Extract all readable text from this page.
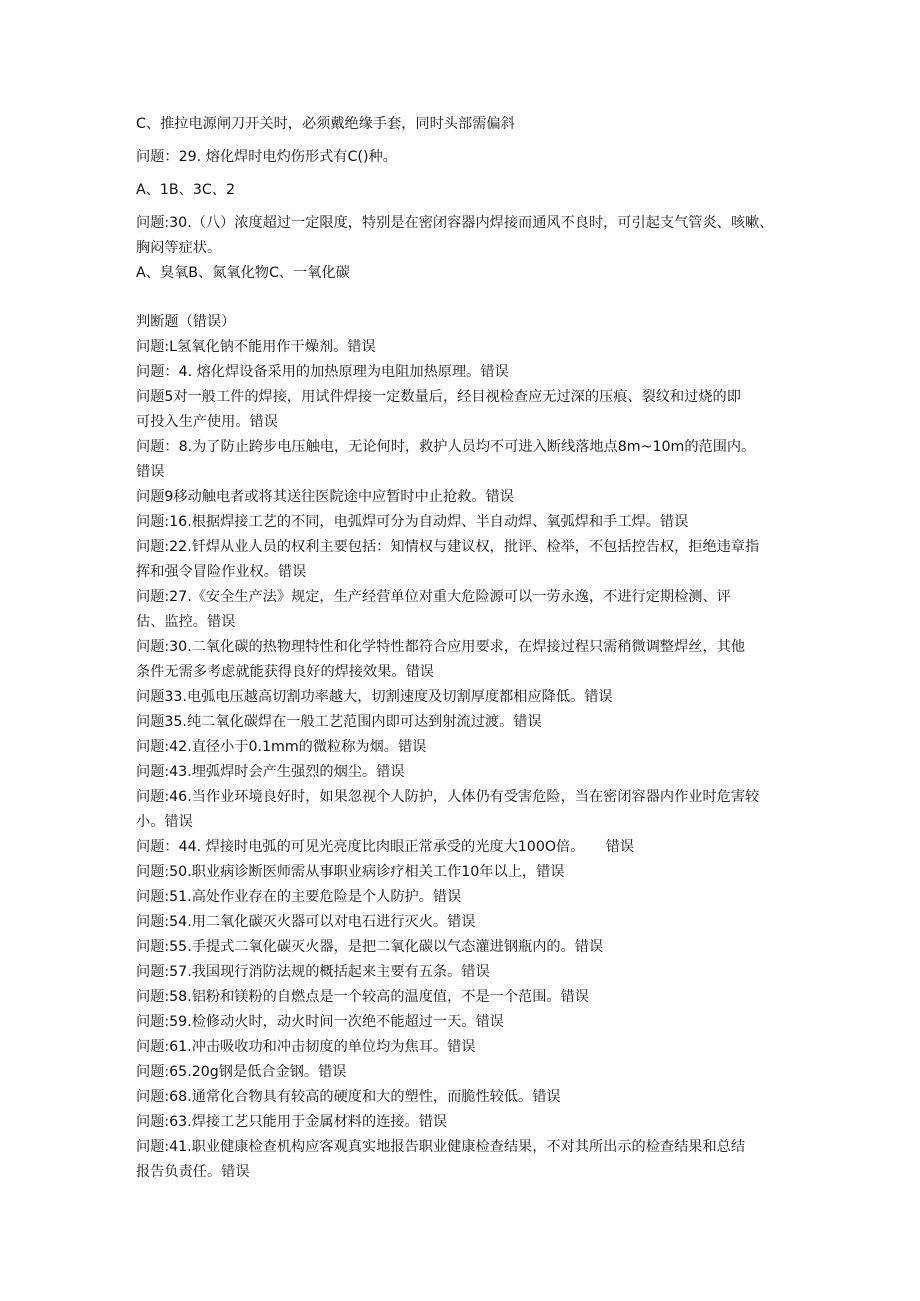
C、推拉电源闸刀开关时，必须戴绝缘手套，同时头部需偏斜
问题：29. 熔化焊时电灼伤形式有C()种。
A、1B、3C、2
问题:30.（八）浓度超过一定限度，特别是在密闭容器内焊接而通风不良时，可引起支气管炎、咳嗽、
胸闷等症状。
A、臭氧B、氮氧化物C、一氧化碳
判断题（错误）
问题:L氢氧化钠不能用作干燥剂。错误
问题：4. 熔化焊设备采用的加热原理为电阻加热原理。错误
问题5对一般工件的焊接，用试件焊接一定数量后，经目视检查应无过深的压痕、裂纹和过烧的即
可投入生产使用。错误
问题：8.为了防止跨步电压触电，无论何时，救护人员均不可进入断线落地点8m~10m的范围内。
错误
问题9移动触电者或将其送往医院途中应暂时中止抢救。错误
问题:16.根据焊接工艺的不同，电弧焊可分为自动焊、半自动焊、氧弧焊和手工焊。错误
问题:22.钎焊从业人员的权利主要包括：知情权与建议权，批评、检举，不包括控告权，拒绝违章指
挥和强令冒险作业权。错误
问题:27.《安全生产法》规定，生产经营单位对重大危险源可以一劳永逸，不进行定期检测、评
估、监控。错误
问题:30.二氧化碳的热物理特性和化学特性都符合应用要求，在焊接过程只需稍微调整焊丝，其他
条件无需多考虑就能获得良好的焊接效果。错误
问题33.电弧电压越高切割功率越大，切割速度及切割厚度都相应降低。错误
问题35.纯二氧化碳焊在一般工艺范围内即可达到射流过渡。错误
问题:42.直径小于0.1mm的微粒称为烟。错误
问题:43.埋弧焊时会产生强烈的烟尘。错误
问题:46.当作业环境良好时，如果忽视个人防护，人体仍有受害危险，当在密闭容器内作业时危害较
小。错误
问题：44. 焊接时电弧的可见光亮度比肉眼正常承受的光度大100O倍。　　错误
问题:50.职业病诊断医师需从事职业病诊疗相关工作10年以上，错误
问题:51.高处作业存在的主要危险是个人防护。错误
问题:54.用二氧化碳灭火器可以对电石进行灭火。错误
问题:55.手提式二氧化碳灭火器，是把二氧化碳以气态灌进钢瓶内的。错误
问题:57.我国现行消防法规的概括起来主要有五条。错误
问题:58.铝粉和镁粉的自燃点是一个较高的温度值，不是一个范围。错误
问题:59.检修动火时，动火时间一次绝不能超过一天。错误
问题:61.冲击吸收功和冲击韧度的单位均为焦耳。错误
问题:65.20g钢是低合金钢。错误
问题:68.通常化合物具有较高的硬度和大的塑性，而脆性较低。错误
问题:63.焊接工艺只能用于金属材料的连接。错误
问题:41.职业健康检查机构应客观真实地报告职业健康检查结果，不对其所出示的检查结果和总结
报告负责任。错误
